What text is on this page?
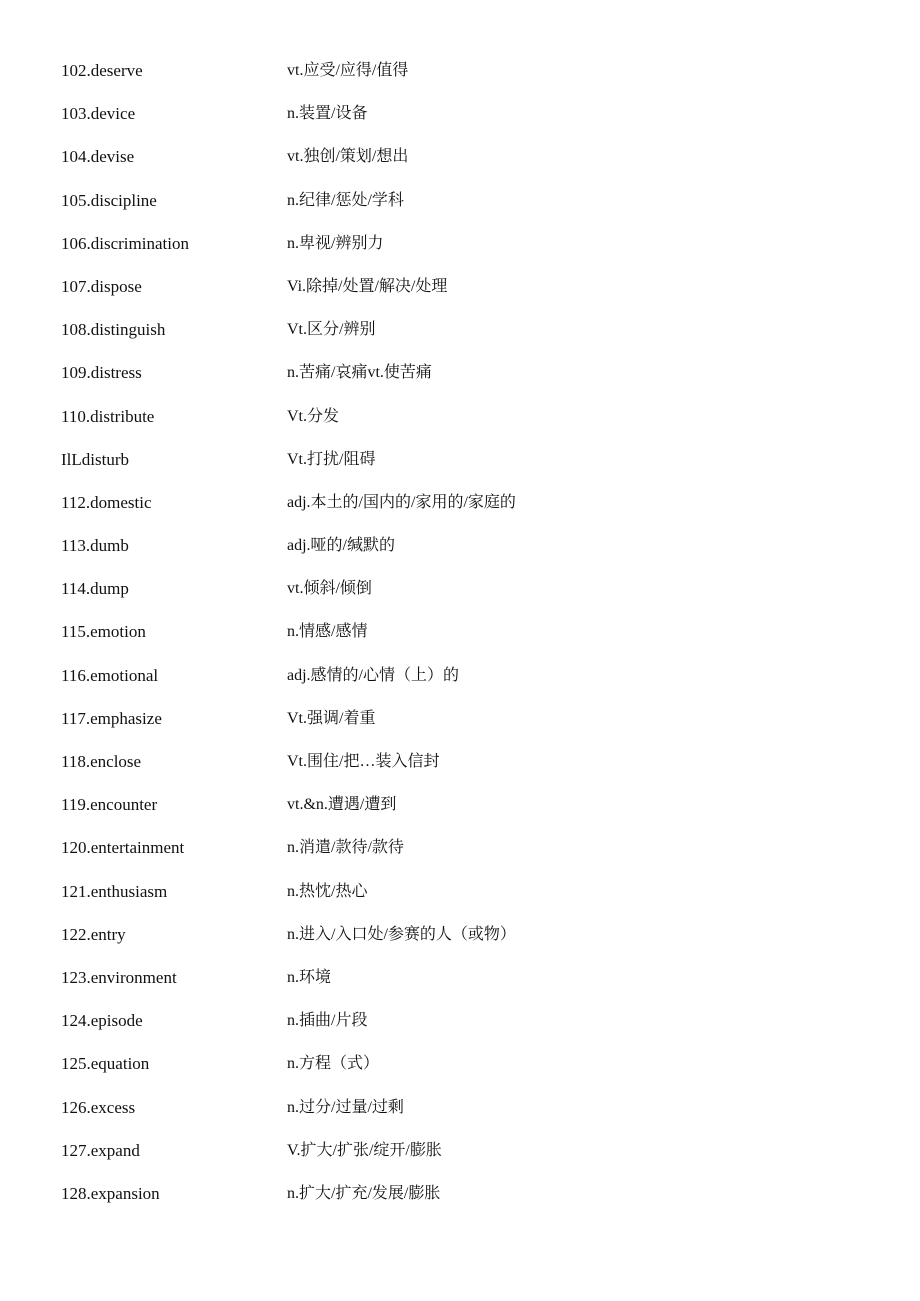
102.deserve	vt.应受/应得/值得
103.device	n.装置/设备
104.devise	vt.独创/策划/想出
105.discipline	n.纪律/惩处/学科
106.discrimination	n.卑视/辨别力
107.dispose	Vi.除掉/处置/解决/处理
108.distinguish	Vt.区分/辨别
109.distress	n.苦痛/哀痛vt.使苦痛
110.distribute	Vt.分发
IlLdisturb	Vt.打扰/阻碍
112.domestic	adj.本土的/国内的/家用的/家庭的
113.dumb	adj.哑的/缄默的
114.dump	vt.倾斜/倾倒
115.emotion	n.情感/感情
116.emotional	adj.感情的/心情（上）的
117.emphasize	Vt.强调/着重
118.enclose	Vt.围住/把…装入信封
119.encounter	vt.&n.遭遇/遭到
120.entertainment	n.消遣/款待/款待
121.enthusiasm	n.热忱/热心
122.entry	n.进入/入口处/参赛的人（或物）
123.environment	n.环境
124.episode	n.插曲/片段
125.equation	n.方程（式）
126.excess	n.过分/过量/过剩
127.expand	V.扩大/扩张/绽开/膨胀
128.expansion	n.扩大/扩充/发展/膨胀
